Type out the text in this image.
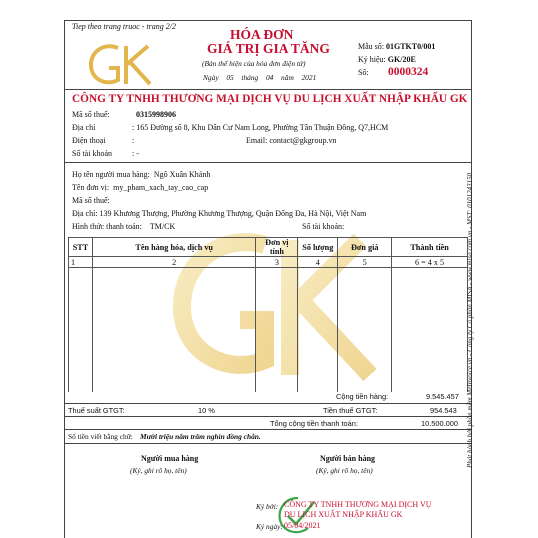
Tiep theo trang truoc - trang 2/2
HÓA ĐƠN
GIÁ TRỊ GIA TĂNG
(Bản thể hiện của hóa đơn điện tử)
Ngày 05 tháng 04 năm 2021
Mẫu số: 01GTKT0/001
Ký hiệu: GK/20E
Số: 0000324
CÔNG TY TNHH THƯƠNG MẠI DỊCH VỤ DU LỊCH XUẤT NHẬP KHẨU GK
Mã số thuế:	0315998906
Địa chỉ	: 165 Đường số 8, Khu Dân Cư Nam Long, Phường Tân Thuận Đông, Q7,HCM
Điện thoại	:	Email: contact@gkgroup.vn
Số tài khoản	: -
Họ tên người mua hàng: Ngô Xuân Khánh
Tên đơn vị: my_pham_xach_tay_cao_cap
Mã số thuế:
Địa chỉ: 139 Khương Thượng, Phường Khương Thượng, Quận Đống Đa, Hà Nội, Việt Nam
Hình thức thanh toán: TM/CK	Số tài khoản:
STT	Tên hàng hóa, dịch vụ	Đơn vị tính	Số lượng	Đơn giá	Thành tiền
1	2	3	4	5	6 = 4 x 5

Cộng tiền hàng:	9.545.457
Thuế suất GTGT:	10 %	Tiền thuế GTGT:	954.543
Tổng cộng tiền thanh toán:	10.500.000
Số tiền viết bằng chữ: Mười triệu năm trăm nghìn đồng chẵn.
Người mua hàng
(Ký, ghi rõ họ, tên)
Người bán hàng
(Ký, ghi rõ họ, tên)
Ký bởi: CÔNG TY TNHH THƯƠNG MẠI DỊCH VỤ
DU LỊCH XUẤT NHẬP KHẨU GK
Ký ngày: 05/04/2021
Phát hành bởi phần mềm MeInvoice.vn - Công ty Cổ phần MISA - www.misa.com.vn - MST: 0101243150
